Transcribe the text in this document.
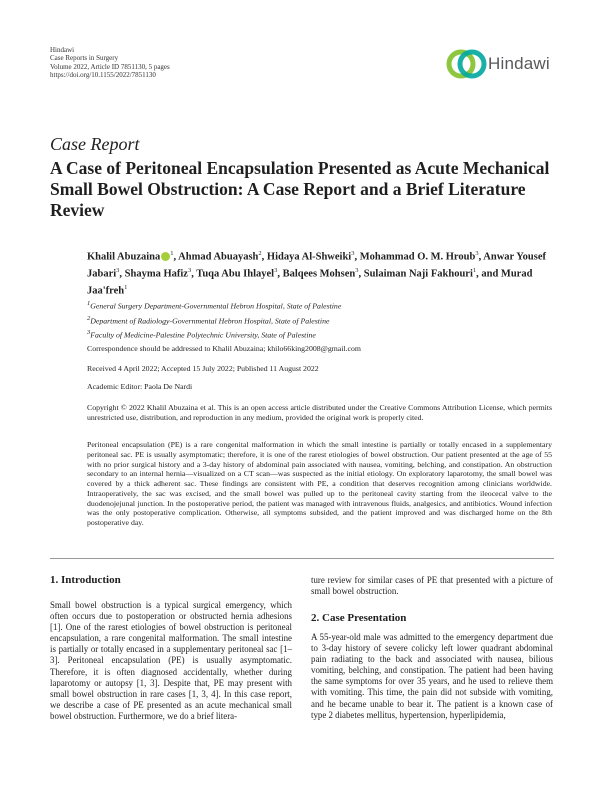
Hindawi
Case Reports in Surgery
Volume 2022, Article ID 7851130, 5 pages
https://doi.org/10.1155/2022/7851130
Hindawi
Case Report
A Case of Peritoneal Encapsulation Presented as Acute Mechanical Small Bowel Obstruction: A Case Report and a Brief Literature Review
Khalil Abuzaina $^1$, Ahmad Abuayash$^2$, Hidaya Al-Shweiki$^3$, Mohammad O. M. Hroub$^3$, Anwar Yousef Jabari$^3$, Shayma Hafiz$^3$, Tuqa Abu Ihlayel$^3$, Balqees Mohsen$^3$, Sulaiman Naji Fakhouri$^1$, and Murad Jaa'freh$^1$
$^1$General Surgery Department-Governmental Hebron Hospital, State of Palestine
$^2$Department of Radiology-Governmental Hebron Hospital, State of Palestine
$^3$Faculty of Medicine-Palestine Polytechnic University, State of Palestine
Correspondence should be addressed to Khalil Abuzaina; khilo66king2008@gmail.com
Received 4 April 2022; Accepted 15 July 2022; Published 11 August 2022
Academic Editor: Paola De Nardi
Copyright © 2022 Khalil Abuzaina et al. This is an open access article distributed under the Creative Commons Attribution License, which permits unrestricted use, distribution, and reproduction in any medium, provided the original work is properly cited.
Peritoneal encapsulation (PE) is a rare congenital malformation in which the small intestine is partially or totally encased in a supplementary peritoneal sac. PE is usually asymptomatic; therefore, it is one of the rarest etiologies of bowel obstruction. Our patient presented at the age of 55 with no prior surgical history and a 3-day history of abdominal pain associated with nausea, vomiting, belching, and constipation. An obstruction secondary to an internal hernia—visualized on a CT scan—was suspected as the initial etiology. On exploratory laparotomy, the small bowel was covered by a thick adherent sac. These findings are consistent with PE, a condition that deserves recognition among clinicians worldwide. Intraoperatively, the sac was excised, and the small bowel was pulled up to the peritoneal cavity starting from the ileocecal valve to the duodenojejunal junction. In the postoperative period, the patient was managed with intravenous fluids, analgesics, and antibiotics. Wound infection was the only postoperative complication. Otherwise, all symptoms subsided, and the patient improved and was discharged home on the 8th postoperative day.
1. Introduction
Small bowel obstruction is a typical surgical emergency, which often occurs due to postoperation or obstructed hernia adhesions [1]. One of the rarest etiologies of bowel obstruction is peritoneal encapsulation, a rare congenital malformation. The small intestine is partially or totally encased in a supplementary peritoneal sac [1–3]. Peritoneal encapsulation (PE) is usually asymptomatic. Therefore, it is often diagnosed accidentally, whether during laparotomy or autopsy [1, 3]. Despite that, PE may present with small bowel obstruction in rare cases [1, 3, 4]. In this case report, we describe a case of PE presented as an acute mechanical small bowel obstruction. Furthermore, we do a brief litera-
ture review for similar cases of PE that presented with a picture of small bowel obstruction.
2. Case Presentation
A 55-year-old male was admitted to the emergency department due to 3-day history of severe colicky left lower quadrant abdominal pain radiating to the back and associated with nausea, bilious vomiting, belching, and constipation. The patient had been having the same symptoms for over 35 years, and he used to relieve them with vomiting. This time, the pain did not subside with vomiting, and he became unable to bear it. The patient is a known case of type 2 diabetes mellitus, hypertension, hyperlipidemia,
